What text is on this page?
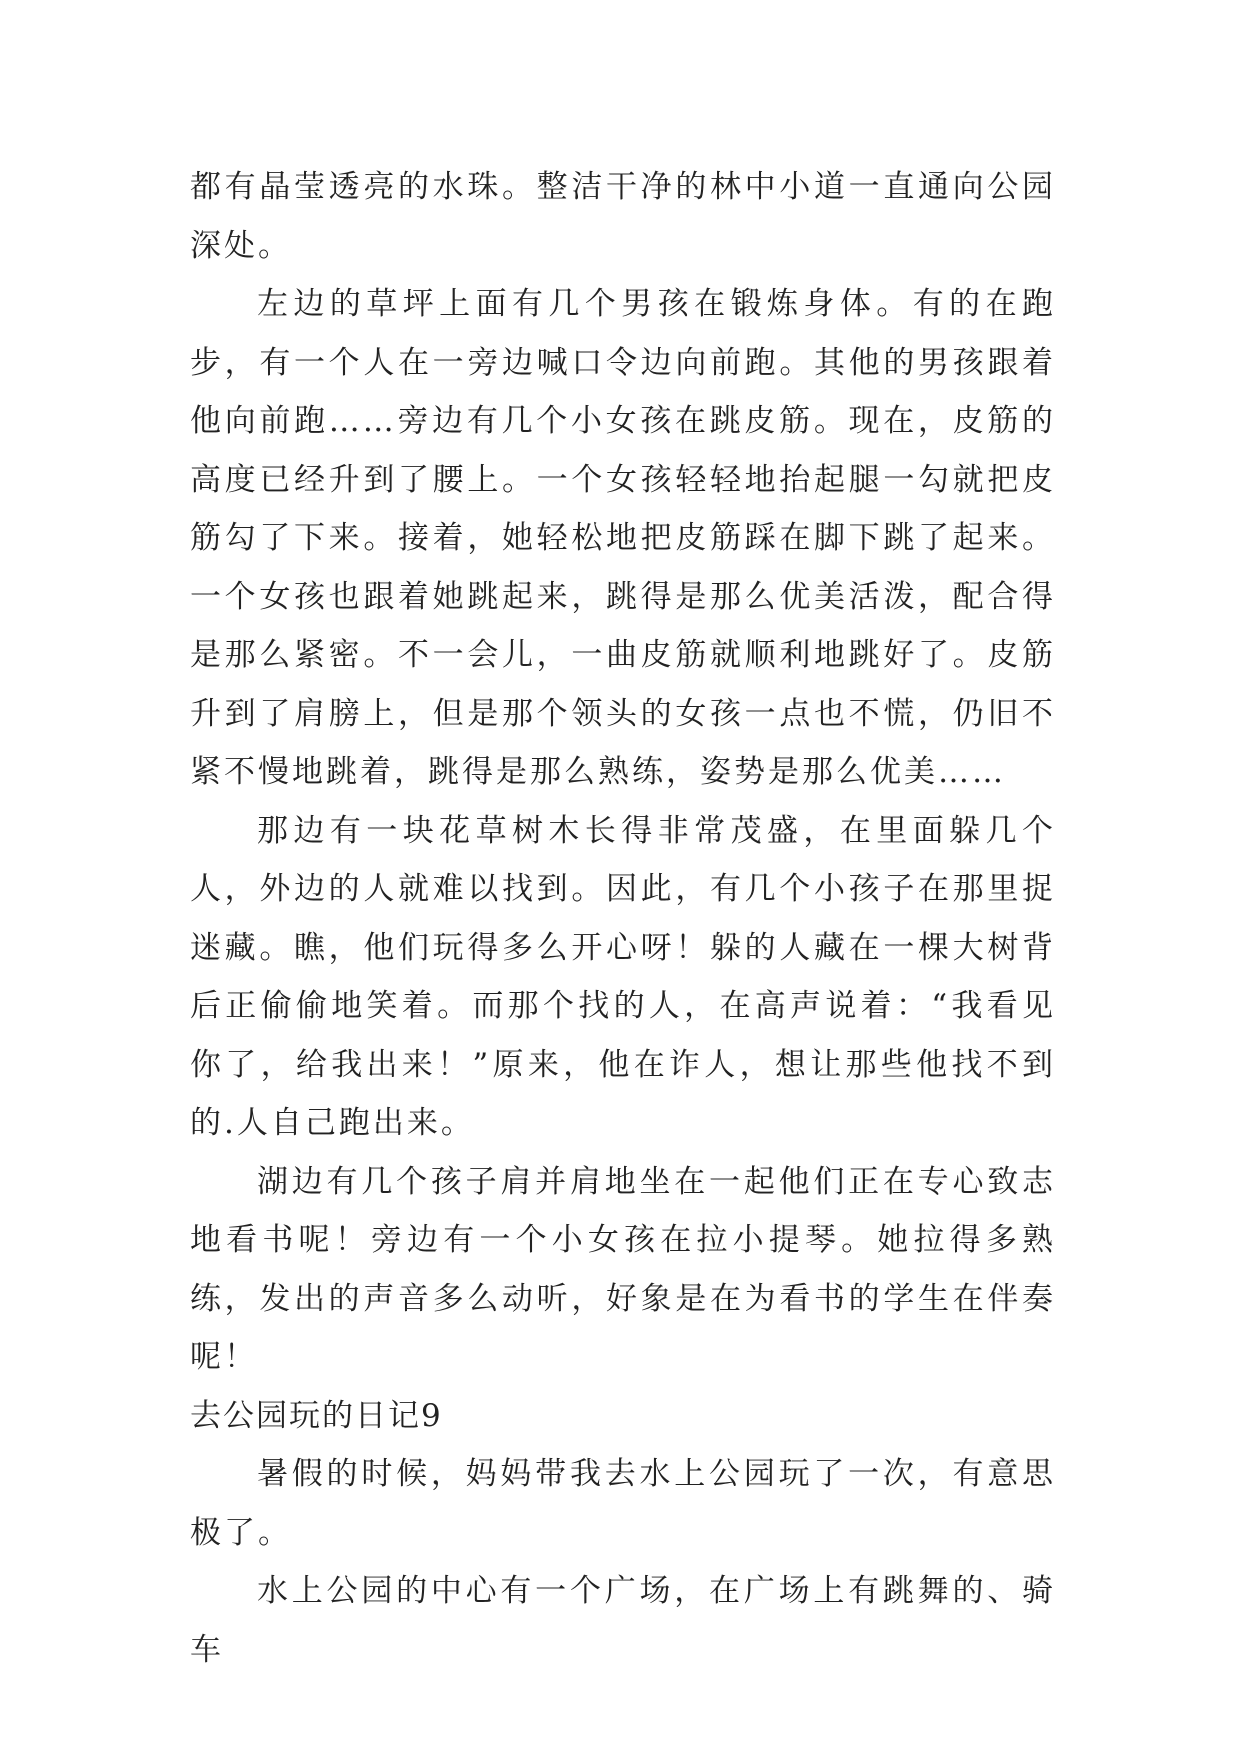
都有晶莹透亮的水珠。整洁干净的林中小道一直通向公园深处。

左边的草坪上面有几个男孩在锻炼身体。有的在跑步，有一个人在一旁边喊口令边向前跑。其他的男孩跟着他向前跑……旁边有几个小女孩在跳皮筋。现在，皮筋的高度已经升到了腰上。一个女孩轻轻地抬起腿一勾就把皮筋勾了下来。接着，她轻松地把皮筋踩在脚下跳了起来。一个女孩也跟着她跳起来，跳得是那么优美活泼，配合得是那么紧密。不一会儿，一曲皮筋就顺利地跳好了。皮筋升到了肩膀上，但是那个领头的女孩一点也不慌，仍旧不紧不慢地跳着，跳得是那么熟练，姿势是那么优美……

那边有一块花草树木长得非常茂盛，在里面躲几个人，外边的人就难以找到。因此，有几个小孩子在那里捉迷藏。瞧，他们玩得多么开心呀！躲的人藏在一棵大树背后正偷偷地笑着。而那个找的人，在高声说着：“我看见你了，给我出来！”原来，他在诈人，想让那些他找不到的.人自己跑出来。

湖边有几个孩子肩并肩地坐在一起他们正在专心致志地看书呢！旁边有一个小女孩在拉小提琴。她拉得多熟练，发出的声音多么动听，好象是在为看书的学生在伴奏呢！

去公园玩的日记9

暑假的时候，妈妈带我去水上公园玩了一次，有意思极了。

水上公园的中心有一个广场，在广场上有跳舞的、骑车
